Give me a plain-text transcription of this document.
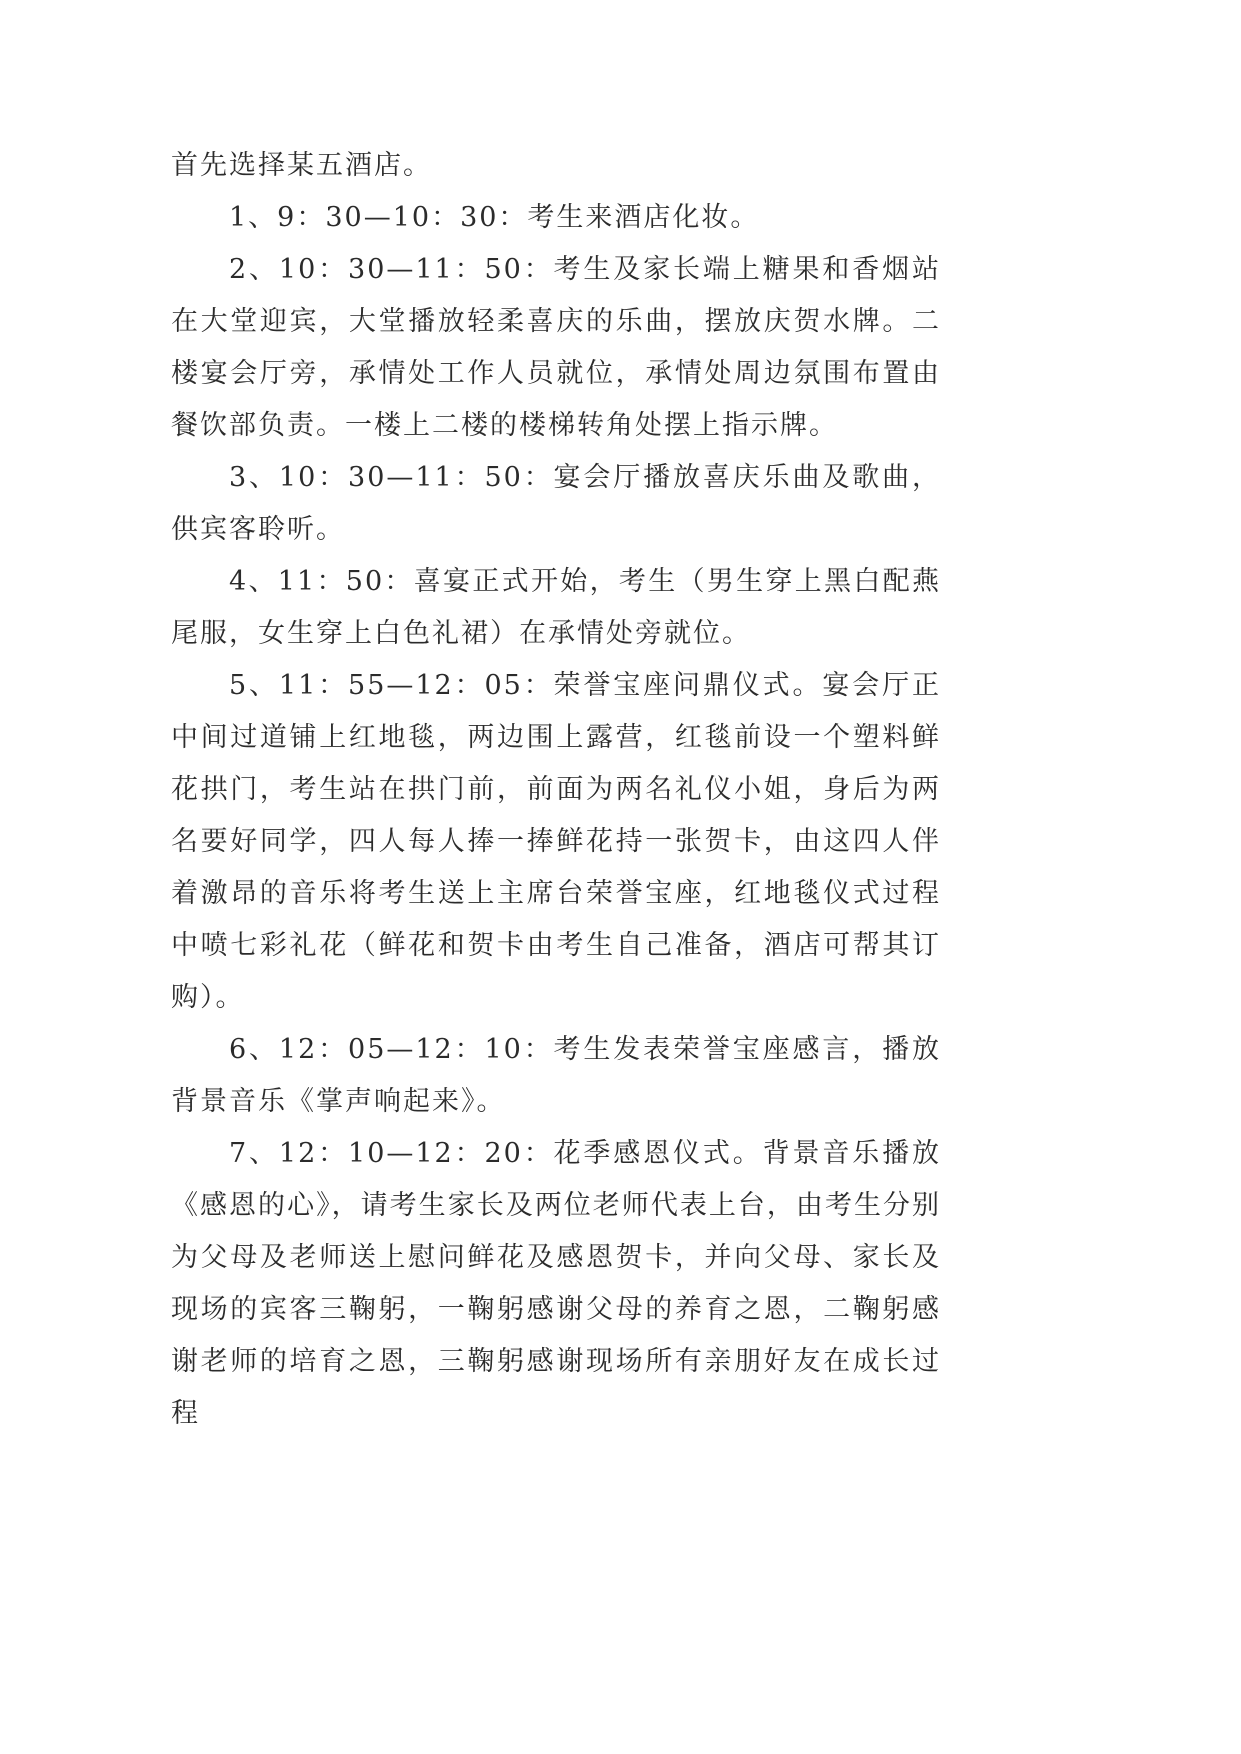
首先选择某五酒店。

1、9：30—10：30：考生来酒店化妆。

2、10：30—11：50：考生及家长端上糖果和香烟站在大堂迎宾，大堂播放轻柔喜庆的乐曲，摆放庆贺水牌。二楼宴会厅旁，承情处工作人员就位，承情处周边氛围布置由餐饮部负责。一楼上二楼的楼梯转角处摆上指示牌。

3、10：30—11：50：宴会厅播放喜庆乐曲及歌曲，供宾客聆听。

4、11：50：喜宴正式开始，考生（男生穿上黑白配燕尾服，女生穿上白色礼裙）在承情处旁就位。

5、11：55—12：05：荣誉宝座问鼎仪式。宴会厅正中间过道铺上红地毯，两边围上露营，红毯前设一个塑料鲜花拱门，考生站在拱门前，前面为两名礼仪小姐，身后为两名要好同学，四人每人捧一捧鲜花持一张贺卡，由这四人伴着激昂的音乐将考生送上主席台荣誉宝座，红地毯仪式过程中喷七彩礼花（鲜花和贺卡由考生自己准备，酒店可帮其订购）。

6、12：05—12：10：考生发表荣誉宝座感言，播放背景音乐《掌声响起来》。

7、12：10—12：20：花季感恩仪式。背景音乐播放《感恩的心》，请考生家长及两位老师代表上台，由考生分别为父母及老师送上慰问鲜花及感恩贺卡，并向父母、家长及现场的宾客三鞠躬，一鞠躬感谢父母的养育之恩，二鞠躬感谢老师的培育之恩，三鞠躬感谢现场所有亲朋好友在成长过程
